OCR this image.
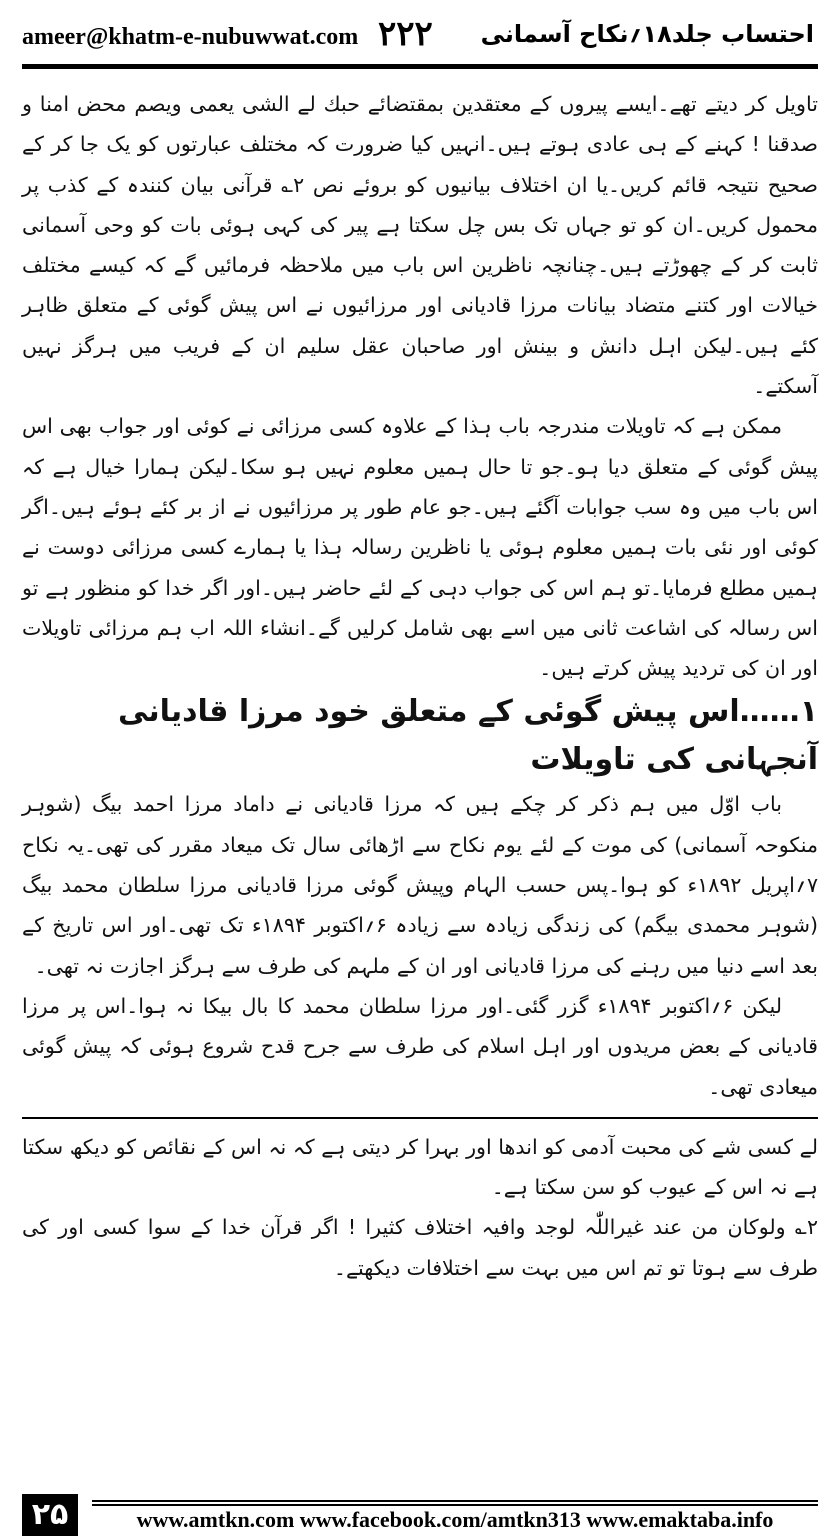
ameer@khatm-e-nubuwwat.com ۲۲۲ احتساب جلد۱۸؍نکاح آسمانی

تاویل کر دیتے تھے۔ایسے پیروں کے معتقدین بمقتضائے حبك لے الشی یعمی ویصم محض امنا و صدقنا ! کہنے کے ہی عادی ہوتے ہیں۔انہیں کیا ضرورت کہ مختلف عبارتوں کو یک جا کر کے صحیح نتیجہ قائم کریں۔یا ان اختلاف بیانیوں کو بروئے نص ۲؎ قرآنی بیان کنندہ کے کذب پر محمول کریں۔ان کو تو جہاں تک بس چل سکتا ہے پیر کی کہی ہوئی بات کو وحی آسمانی ثابت کر کے چھوڑتے ہیں۔چنانچہ ناظرین اس باب میں ملاحظہ فرمائیں گے کہ کیسے مختلف خیالات اور کتنے متضاد بیانات مرزا قادیانی اور مرزائیوں نے اس پیش گوئی کے متعلق ظاہر کئے ہیں۔لیکن اہل دانش و بینش اور صاحبان عقل سلیم ان کے فریب میں ہرگز نہیں آسکتے۔

ممکن ہے کہ تاویلات مندرجہ باب ہذا کے علاوہ کسی مرزائی نے کوئی اور جواب بھی اس پیش گوئی کے متعلق دیا ہو۔جو تا حال ہمیں معلوم نہیں ہو سکا۔لیکن ہمارا خیال ہے کہ اس باب میں وہ سب جوابات آگئے ہیں۔جو عام طور پر مرزائیوں نے از بر کئے ہوئے ہیں۔اگر کوئی اور نئی بات ہمیں معلوم ہوئی یا ناظرین رسالہ ہذا یا ہمارے کسی مرزائی دوست نے ہمیں مطلع فرمایا۔تو ہم اس کی جواب دہی کے لئے حاضر ہیں۔اور اگر خدا کو منظور ہے تو اس رسالہ کی اشاعت ثانی میں اسے بھی شامل کرلیں گے۔انشاء اللہ اب ہم مرزائی تاویلات اور ان کی تردید پیش کرتے ہیں۔

۱……اس پیش گوئی کے متعلق خود مرزا قادیانی آنجہانی کی تاویلات

باب اوّل میں ہم ذکر کر چکے ہیں کہ مرزا قادیانی نے داماد مرزا احمد بیگ (شوہر منکوحہ آسمانی) کی موت کے لئے یوم نکاح سے اڑھائی سال تک میعاد مقرر کی تھی۔یہ نکاح ۷؍اپریل ۱۸۹۲ء کو ہوا۔پس حسب الہام وپیش گوئی مرزا قادیانی مرزا سلطان محمد بیگ (شوہر محمدی بیگم) کی زندگی زیادہ سے زیادہ ۶؍اکتوبر ۱۸۹۴ء تک تھی۔اور اس تاریخ کے بعد اسے دنیا میں رہنے کی مرزا قادیانی اور ان کے ملہم کی طرف سے ہرگز اجازت نہ تھی۔

لیکن ۶؍اکتوبر ۱۸۹۴ء گزر گئی۔اور مرزا سلطان محمد کا بال بیکا نہ ہوا۔اس پر مرزا قادیانی کے بعض مریدوں اور اہل اسلام کی طرف سے جرح قدح شروع ہوئی کہ پیش گوئی میعادی تھی۔

لے کسی شے کی محبت آدمی کو اندھا اور بہرا کر دیتی ہے کہ نہ اس کے نقائص کو دیکھ سکتا ہے نہ اس کے عیوب کو سن سکتا ہے۔

۲؎ ولوکان من عند غیراللّٰہ لوجد وافیہ اختلاف کثیرا ! اگر قرآن خدا کے سوا کسی اور کی طرف سے ہوتا تو تم اس میں بہت سے اختلافات دیکھتے۔

۲۵	www.amtkn.com www.facebook.com/amtkn313 www.emaktaba.info
